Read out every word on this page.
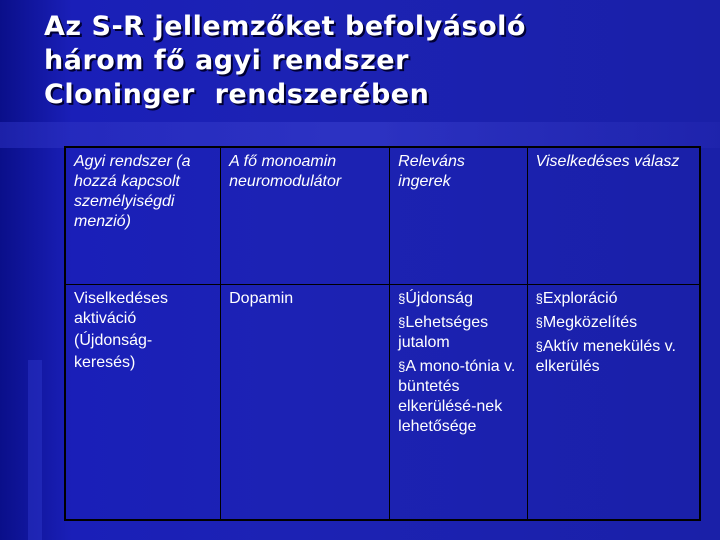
Az S-R jellemzőket befolyásoló
három fő agyi rendszer
Cloninger  rendszerében
Agyi rendszer (a hozzá kapcsolt személyiségdi menzió)	A fő monoamin neuromodulátor	Releváns ingerek	Viselkedéses válasz

Viselkedéses aktiváció
(Újdonság-
keresés)	Dopamin	§Újdonság
§Lehetséges jutalom
§A mono-tónia v. büntetés elkerülésé-nek lehetősége	§Exploráció
§Megközelítés
§Aktív menekülés v. elkerülés
